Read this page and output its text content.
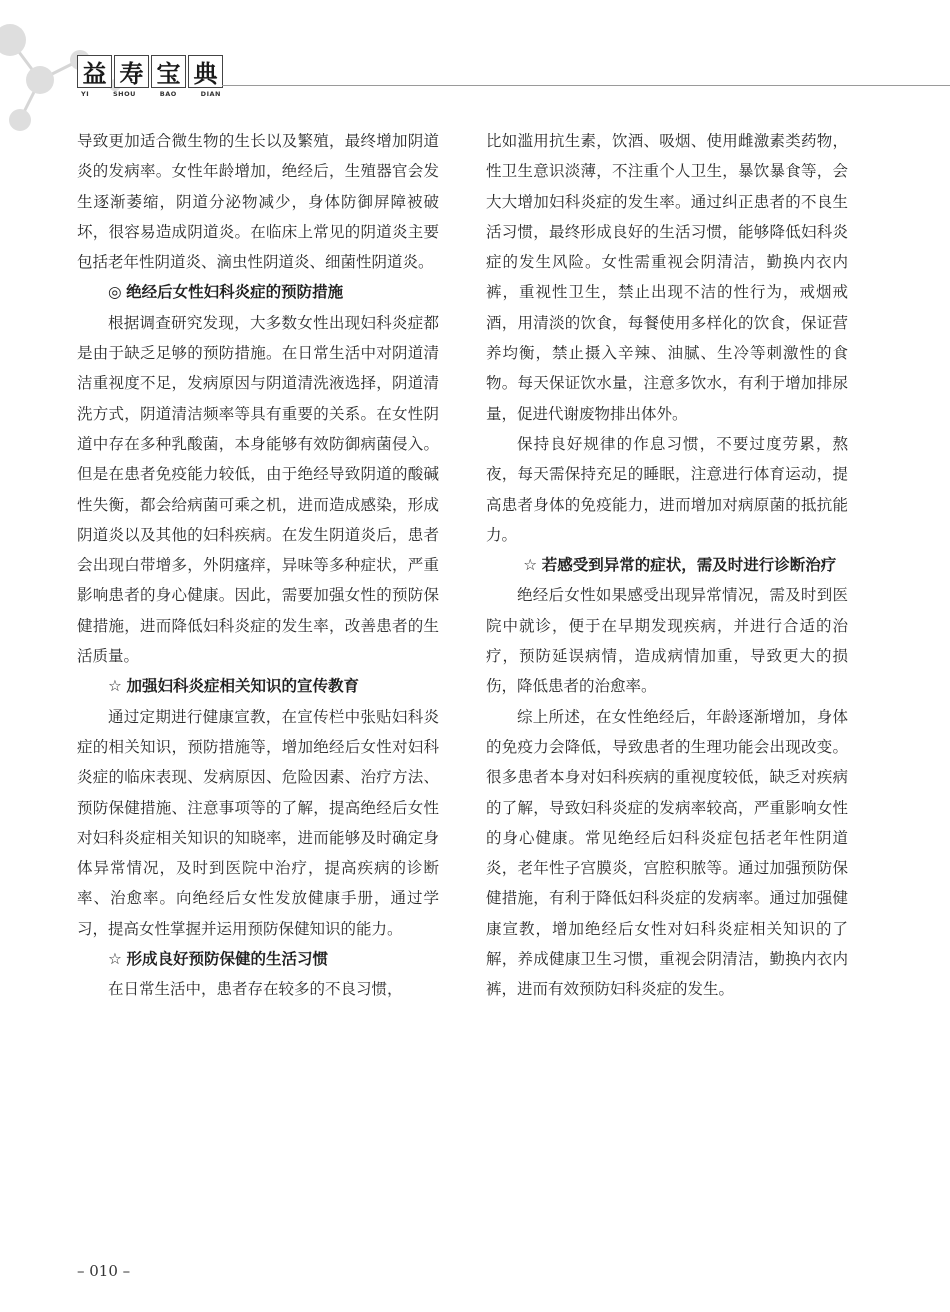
益 寿 宝 典
YI	SHOU	BAO	DIAN

导致更加适合微生物的生长以及繁殖，最终增加阴道炎的发病率。女性年龄增加，绝经后，生殖器官会发生逐渐萎缩，阴道分泌物减少，身体防御屏障被破坏，很容易造成阴道炎。在临床上常见的阴道炎主要包括老年性阴道炎、滴虫性阴道炎、细菌性阴道炎。

◎ 绝经后女性妇科炎症的预防措施

根据调查研究发现，大多数女性出现妇科炎症都是由于缺乏足够的预防措施。在日常生活中对阴道清洁重视度不足，发病原因与阴道清洗液选择，阴道清洗方式，阴道清洁频率等具有重要的关系。在女性阴道中存在多种乳酸菌，本身能够有效防御病菌侵入。但是在患者免疫能力较低，由于绝经导致阴道的酸碱性失衡，都会给病菌可乘之机，进而造成感染，形成阴道炎以及其他的妇科疾病。在发生阴道炎后，患者会出现白带增多，外阴瘙痒，异味等多种症状，严重影响患者的身心健康。因此，需要加强女性的预防保健措施，进而降低妇科炎症的发生率，改善患者的生活质量。

☆ 加强妇科炎症相关知识的宣传教育

通过定期进行健康宣教，在宣传栏中张贴妇科炎症的相关知识，预防措施等，增加绝经后女性对妇科炎症的临床表现、发病原因、危险因素、治疗方法、预防保健措施、注意事项等的了解，提高绝经后女性对妇科炎症相关知识的知晓率，进而能够及时确定身体异常情况，及时到医院中治疗，提高疾病的诊断率、治愈率。向绝经后女性发放健康手册，通过学习，提高女性掌握并运用预防保健知识的能力。

☆ 形成良好预防保健的生活习惯

在日常生活中，患者存在较多的不良习惯，

比如滥用抗生素，饮酒、吸烟、使用雌激素类药物，性卫生意识淡薄，不注重个人卫生，暴饮暴食等，会大大增加妇科炎症的发生率。通过纠正患者的不良生活习惯，最终形成良好的生活习惯，能够降低妇科炎症的发生风险。女性需重视会阴清洁，勤换内衣内裤，重视性卫生，禁止出现不洁的性行为，戒烟戒酒，用清淡的饮食，每餐使用多样化的饮食，保证营养均衡，禁止摄入辛辣、油腻、生冷等刺激性的食物。每天保证饮水量，注意多饮水，有利于增加排尿量，促进代谢废物排出体外。

保持良好规律的作息习惯，不要过度劳累，熬夜，每天需保持充足的睡眠，注意进行体育运动，提高患者身体的免疫能力，进而增加对病原菌的抵抗能力。

☆ 若感受到异常的症状，需及时进行诊断治疗

绝经后女性如果感受出现异常情况，需及时到医院中就诊，便于在早期发现疾病，并进行合适的治疗，预防延误病情，造成病情加重，导致更大的损伤，降低患者的治愈率。

综上所述，在女性绝经后，年龄逐渐增加，身体的免疫力会降低，导致患者的生理功能会出现改变。很多患者本身对妇科疾病的重视度较低，缺乏对疾病的了解，导致妇科炎症的发病率较高，严重影响女性的身心健康。常见绝经后妇科炎症包括老年性阴道炎，老年性子宫膜炎，宫腔积脓等。通过加强预防保健措施，有利于降低妇科炎症的发病率。通过加强健康宣教，增加绝经后女性对妇科炎症相关知识的了解，养成健康卫生习惯，重视会阴清洁，勤换内衣内裤，进而有效预防妇科炎症的发生。

– 010 –
